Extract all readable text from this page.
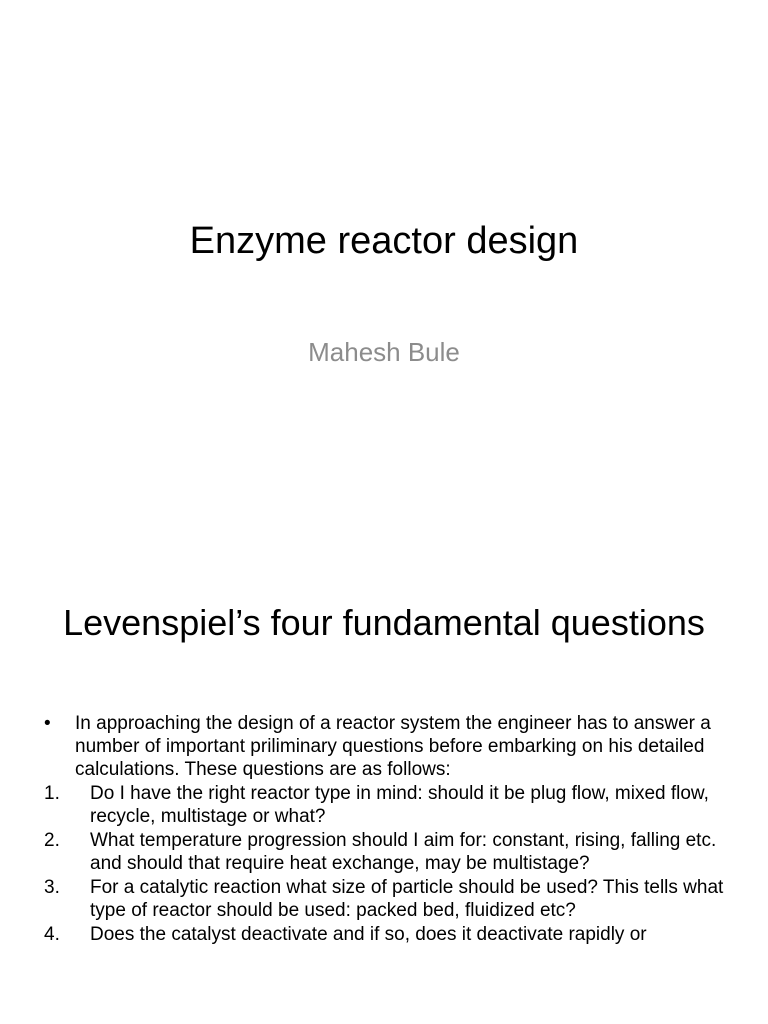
Enzyme reactor design
Mahesh Bule
Levenspiel’s four fundamental questions
• In approaching the design of a reactor system the engineer has to answer a number of important priliminary questions before embarking on his detailed calculations. These questions are as follows:
1. Do I have the right reactor type in mind: should it be plug flow, mixed flow, recycle, multistage or what?
2. What temperature progression should I aim for: constant, rising, falling etc. and should that require heat exchange, may be multistage?
3. For a catalytic reaction what size of particle should be used? This tells what type of reactor should be used: packed bed, fluidized etc?
4. Does the catalyst deactivate and if so, does it deactivate rapidly or
